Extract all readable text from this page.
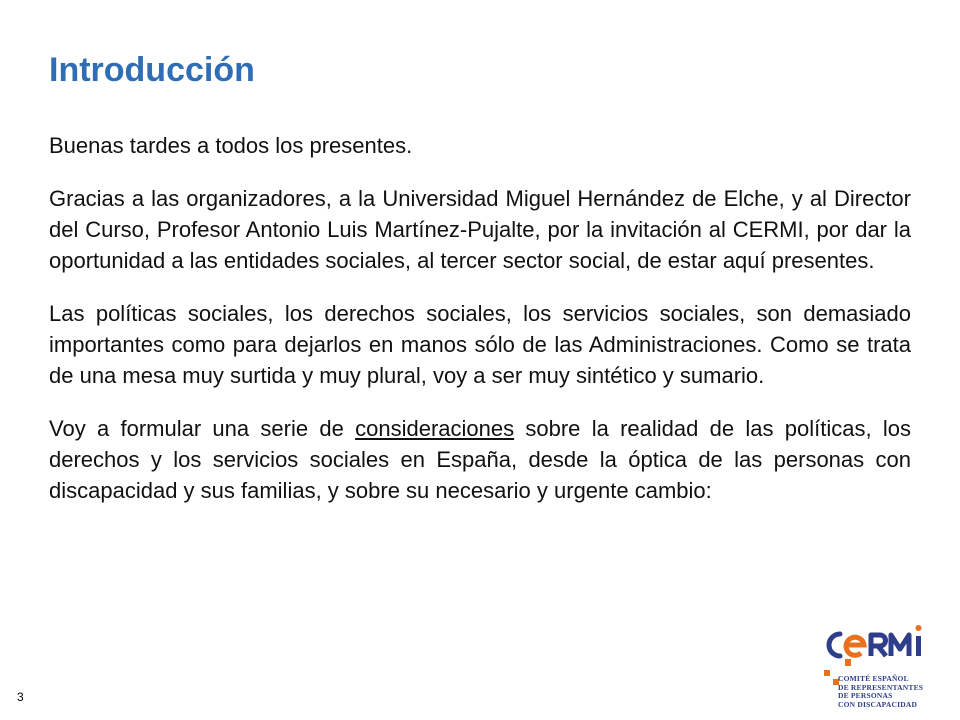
Introducción

Buenas tardes a todos los presentes.

Gracias a las organizadores, a la Universidad Miguel Hernández de Elche, y al Director del Curso, Profesor Antonio Luis Martínez-Pujalte, por la invitación al CERMI, por dar la oportunidad a las entidades sociales, al tercer sector social, de estar aquí presentes.

Las políticas sociales, los derechos sociales, los servicios sociales, son demasiado importantes como para dejarlos en manos sólo de las Administraciones. Como se trata de una mesa muy surtida y muy plural, voy a ser muy sintético y sumario.

Voy a formular una serie de consideraciones sobre la realidad de las políticas, los derechos y los servicios sociales en España, desde la óptica de las personas con discapacidad y sus familias, y sobre su necesario y urgente cambio:

3
COMITÉ ESPAÑOL
DE REPRESENTANTES
DE PERSONAS
CON DISCAPACIDAD
